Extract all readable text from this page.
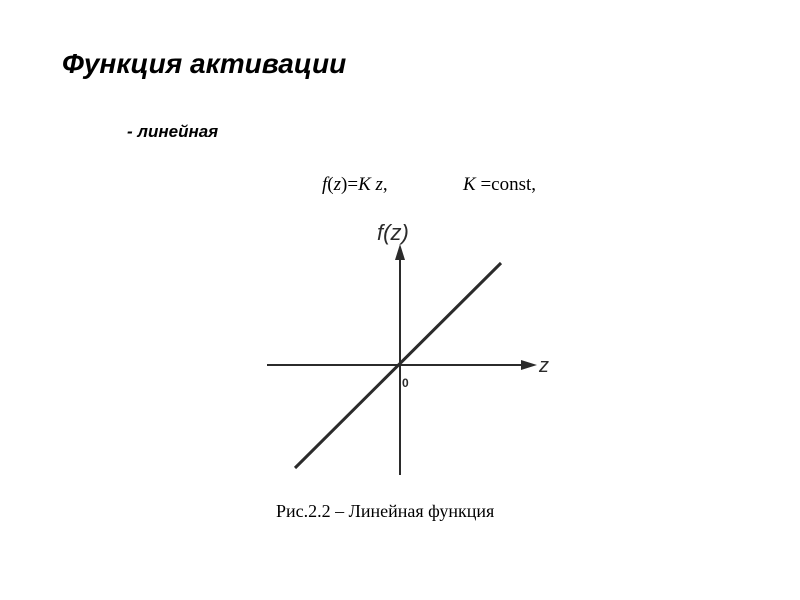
Функция активации
- линейная
f(z)=K z,	K =const,
f(z)
z
0
Рис.2.2 – Линейная функция
